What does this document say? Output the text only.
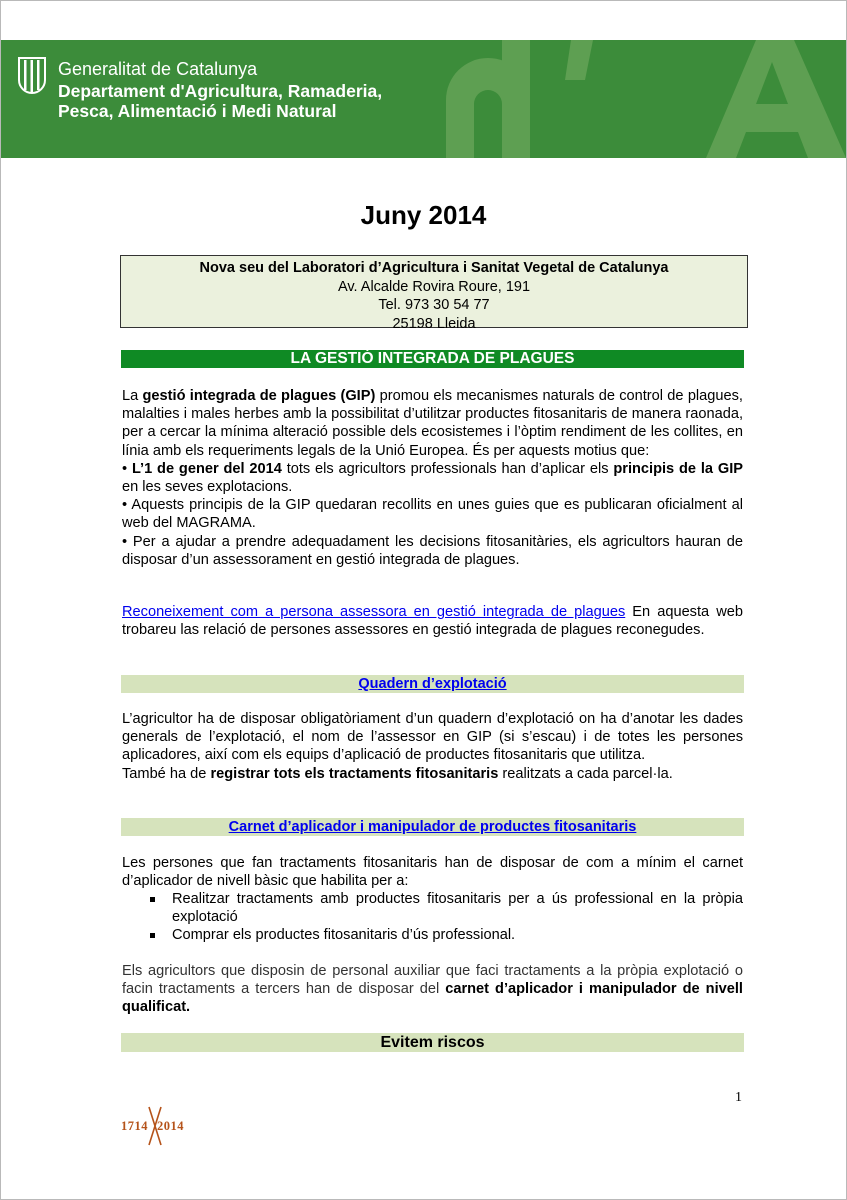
Generalitat de Catalunya
Departament d'Agricultura, Ramaderia,
Pesca, Alimentació i Medi Natural
Juny 2014
Nova seu del Laboratori d’Agricultura i Sanitat Vegetal de Catalunya
Av. Alcalde Rovira Roure, 191
Tel. 973 30 54 77
25198 Lleida
LA GESTIÓ INTEGRADA DE PLAGUES
La gestió integrada de plagues (GIP) promou els mecanismes naturals de control de plagues, malalties i males herbes amb la possibilitat d’utilitzar productes fitosanitaris de manera raonada, per a cercar la mínima alteració possible dels ecosistemes i l’òptim rendiment de les collites, en línia amb els requeriments legals de la Unió Europea. És per aquests motius que:
• L’1 de gener del 2014 tots els agricultors professionals han d’aplicar els principis de la GIP en les seves explotacions.
• Aquests principis de la GIP quedaran recollits en unes guies que es publicaran oficialment al web del MAGRAMA.
• Per a ajudar a prendre adequadament les decisions fitosanitàries, els agricultors hauran de disposar d’un assessorament en gestió integrada de plagues.
Reconeixement com a persona assessora en gestió integrada de plagues En aquesta web trobareu las relació de persones assessores en gestió integrada de plagues reconegudes.
Quadern d’explotació
L’agricultor ha de disposar obligatòriament d’un quadern d’explotació on ha d’anotar les dades generals de l’explotació, el nom de l’assessor en GIP (si s’escau) i de totes les persones aplicadores, així com els equips d’aplicació de productes fitosanitaris que utilitza.
També ha de registrar tots els tractaments fitosanitaris realitzats a cada parcel·la.
Carnet d’aplicador i manipulador de productes fitosanitaris
Les persones que fan tractaments fitosanitaris han de disposar de com a mínim el carnet d’aplicador de nivell bàsic que habilita per a:
Realitzar tractaments amb productes fitosanitaris per a ús professional en la pròpia explotació
Comprar els productes fitosanitaris d’ús professional.
Els agricultors que disposin de personal auxiliar que faci tractaments a la pròpia explotació o facin tractaments a tercers han de disposar del carnet d’aplicador i manipulador de nivell qualificat.
Evitem riscos
1
1714 2014
